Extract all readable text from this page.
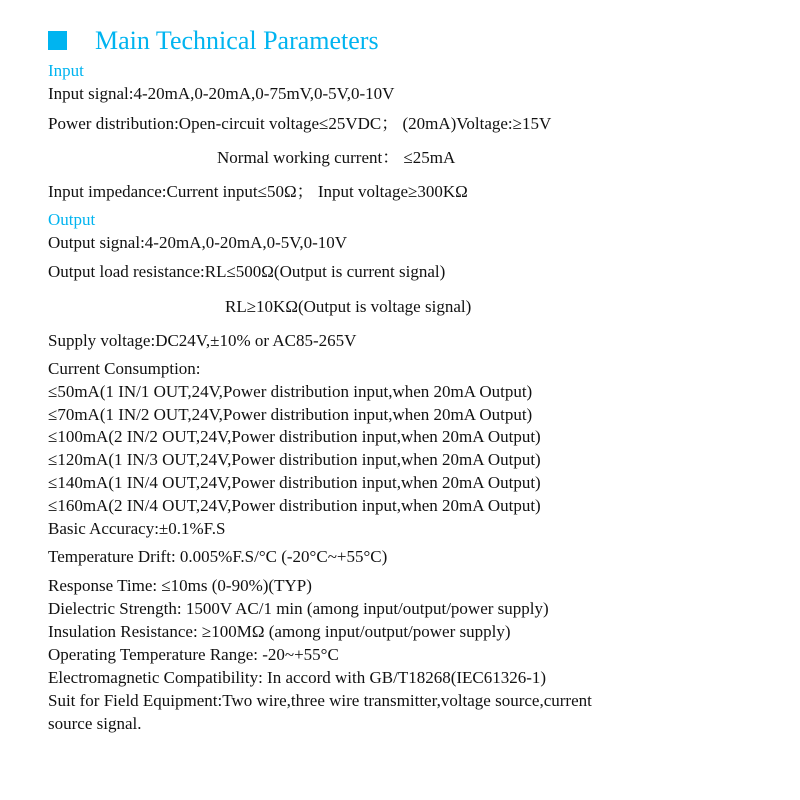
Main Technical Parameters
Input
Input signal:4-20mA,0-20mA,0-75mV,0-5V,0-10V
Power distribution:Open-circuit voltage≤25VDC； (20mA)Voltage:≥15V
Normal working current： ≤25mA
Input impedance:Current input≤50Ω； Input voltage≥300KΩ
Output
Output signal:4-20mA,0-20mA,0-5V,0-10V
Output load resistance:RL≤500Ω(Output is current signal)
RL≥10KΩ(Output is voltage signal)
Supply voltage:DC24V,±10% or AC85-265V
Current Consumption:
≤50mA(1 IN/1 OUT,24V,Power distribution input,when 20mA Output)
≤70mA(1 IN/2 OUT,24V,Power distribution input,when 20mA Output)
≤100mA(2 IN/2 OUT,24V,Power distribution input,when 20mA Output)
≤120mA(1 IN/3 OUT,24V,Power distribution input,when 20mA Output)
≤140mA(1 IN/4 OUT,24V,Power distribution input,when 20mA Output)
≤160mA(2 IN/4 OUT,24V,Power distribution input,when 20mA Output)
Basic Accuracy:±0.1%F.S
Temperature Drift: 0.005%F.S/°C (-20°C~+55°C)
Response Time: ≤10ms (0-90%)(TYP)
Dielectric Strength: 1500V AC/1 min (among input/output/power supply)
Insulation Resistance: ≥100MΩ (among input/output/power supply)
Operating Temperature Range: -20~+55°C
Electromagnetic Compatibility: In accord with GB/T18268(IEC61326-1)
Suit for Field Equipment:Two wire,three wire transmitter,voltage source,current
source signal.
